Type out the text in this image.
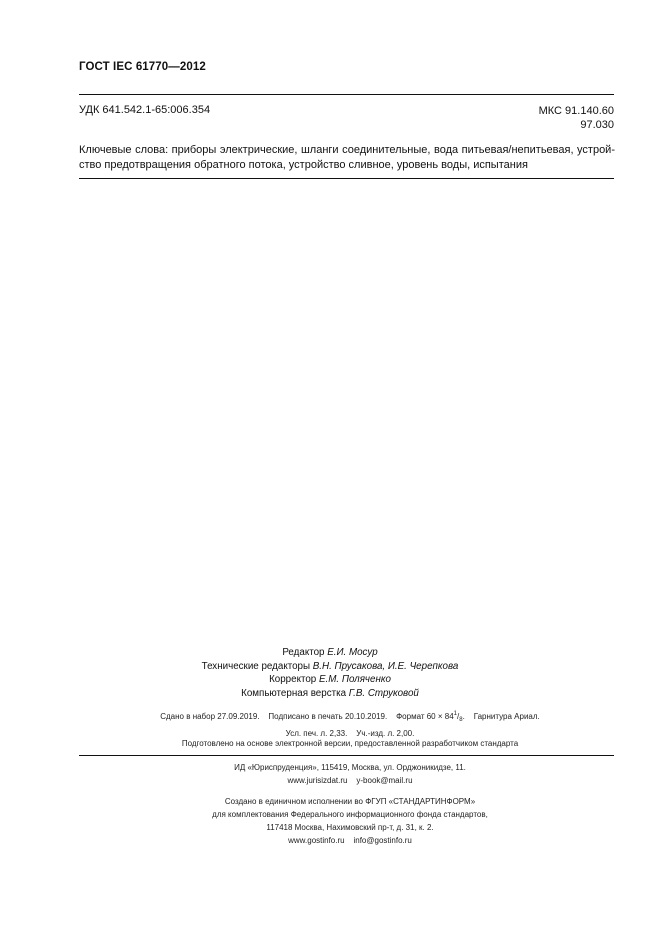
ГОСТ IEC 61770—2012
УДК 641.542.1-65:006.354	МКС 91.140.60
97.030
Ключевые слова: приборы электрические, шланги соединительные, вода питьевая/непитьевая, устрой-
ство предотвращения обратного потока, устройство сливное, уровень воды, испытания
Редактор Е.И. Мосур
Технические редакторы В.Н. Прусакова, И.Е. Черепкова
Корректор Е.М. Поляченко
Компьютерная верстка Г.В. Струковой
Сдано в набор 27.09.2019. Подписано в печать 20.10.2019. Формат $60 \times 84^1/_8$. Гарнитура Ариал.
Усл. печ. л. 2,33. Уч.-изд. л. 2,00.
Подготовлено на основе электронной версии, предоставленной разработчиком стандарта
ИД «Юриспруденция», 115419, Москва, ул. Орджоникидзе, 11.
www.jurisizdat.ru y-book@mail.ru
Создано в единичном исполнении во ФГУП «СТАНДАРТИНФОРМ»
для комплектования Федерального информационного фонда стандартов,
117418 Москва, Нахимовский пр-т, д. 31, к. 2.
www.gostinfo.ru info@gostinfo.ru
